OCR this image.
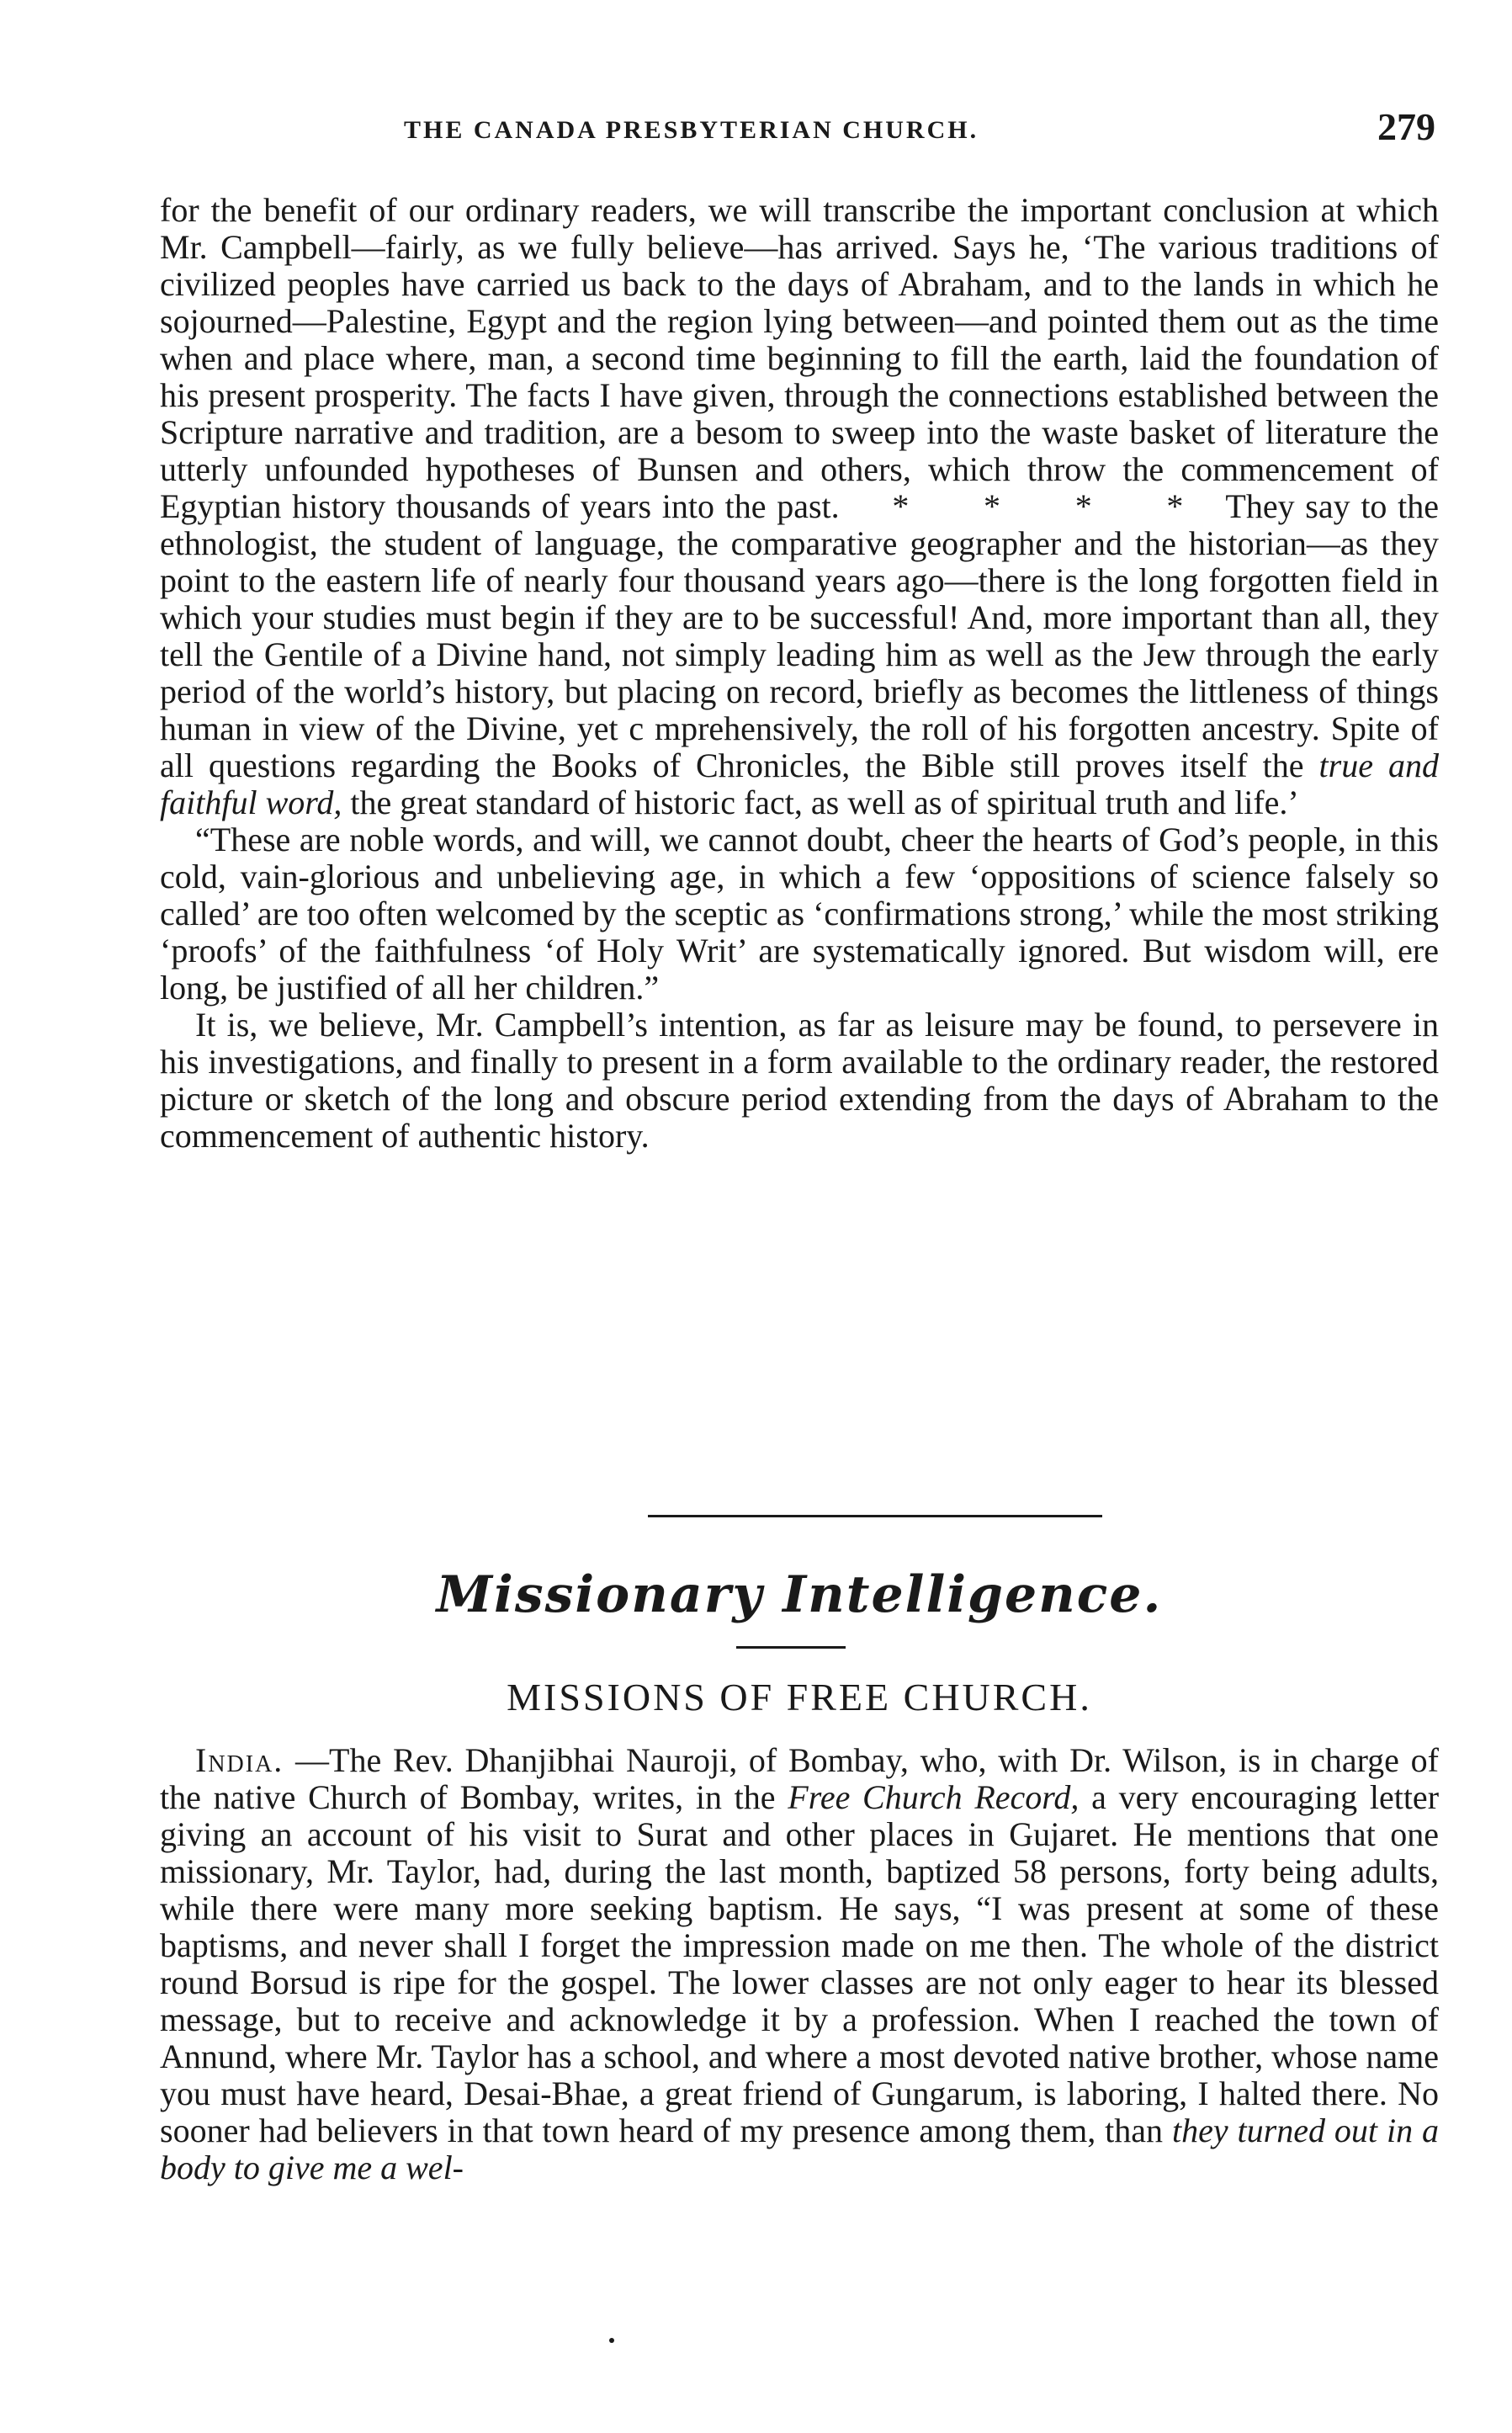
THE CANADA PRESBYTERIAN CHURCH.	279

for the benefit of our ordinary readers, we will transcribe the important conclusion at which Mr. Campbell—fairly, as we fully believe—has arrived. Says he, ‘The various traditions of civilized peoples have carried us back to the days of Abraham, and to the lands in which he sojourned—Palestine, Egypt and the region lying between—and pointed them out as the time when and place where, man, a second time beginning to fill the earth, laid the foundation of his present prosperity. The facts I have given, through the connections established between the Scripture narrative and tradition, are a besom to sweep into the waste basket of literature the utterly unfounded hypotheses of Bunsen and others, which throw the commencement of Egyptian history thousands of years into the past. * * * * They say to the ethnologist, the student of language, the comparative geographer and the historian—as they point to the eastern life of nearly four thousand years ago—there is the long forgotten field in which your studies must begin if they are to be successful! And, more important than all, they tell the Gentile of a Divine hand, not simply leading him as well as the Jew through the early period of the world’s history, but placing on record, briefly as becomes the littleness of things human in view of the Divine, yet c mprehensively, the roll of his forgotten ancestry. Spite of all questions regarding the Books of Chronicles, the Bible still proves itself the true and faithful word, the great standard of historic fact, as well as of spiritual truth and life.’

“These are noble words, and will, we cannot doubt, cheer the hearts of God’s people, in this cold, vain-glorious and unbelieving age, in which a few ‘oppositions of science falsely so called’ are too often welcomed by the sceptic as ‘confirmations strong,’ while the most striking ‘proofs’ of the faithfulness ‘of Holy Writ’ are systematically ignored. But wisdom will, ere long, be justified of all her children.”

It is, we believe, Mr. Campbell’s intention, as far as leisure may be found, to persevere in his investigations, and finally to present in a form available to the ordinary reader, the restored picture or sketch of the long and obscure period extending from the days of Abraham to the commencement of authentic history.

Missionary Intelligence.
MISSIONS OF FREE CHURCH.

India. —The Rev. Dhanjibhai Nauroji, of Bombay, who, with Dr. Wilson, is in charge of the native Church of Bombay, writes, in the Free Church Record, a very encouraging letter giving an account of his visit to Surat and other places in Gujaret. He mentions that one missionary, Mr. Taylor, had, during the last month, baptized 58 persons, forty being adults, while there were many more seeking baptism. He says, “I was present at some of these baptisms, and never shall I forget the impression made on me then. The whole of the district round Borsud is ripe for the gospel. The lower classes are not only eager to hear its blessed message, but to receive and acknowledge it by a profession. When I reached the town of Annund, where Mr. Taylor has a school, and where a most devoted native brother, whose name you must have heard, Desai-Bhae, a great friend of Gungarum, is laboring, I halted there. No sooner had believers in that town heard of my presence among them, than they turned out in a body to give me a wel-
